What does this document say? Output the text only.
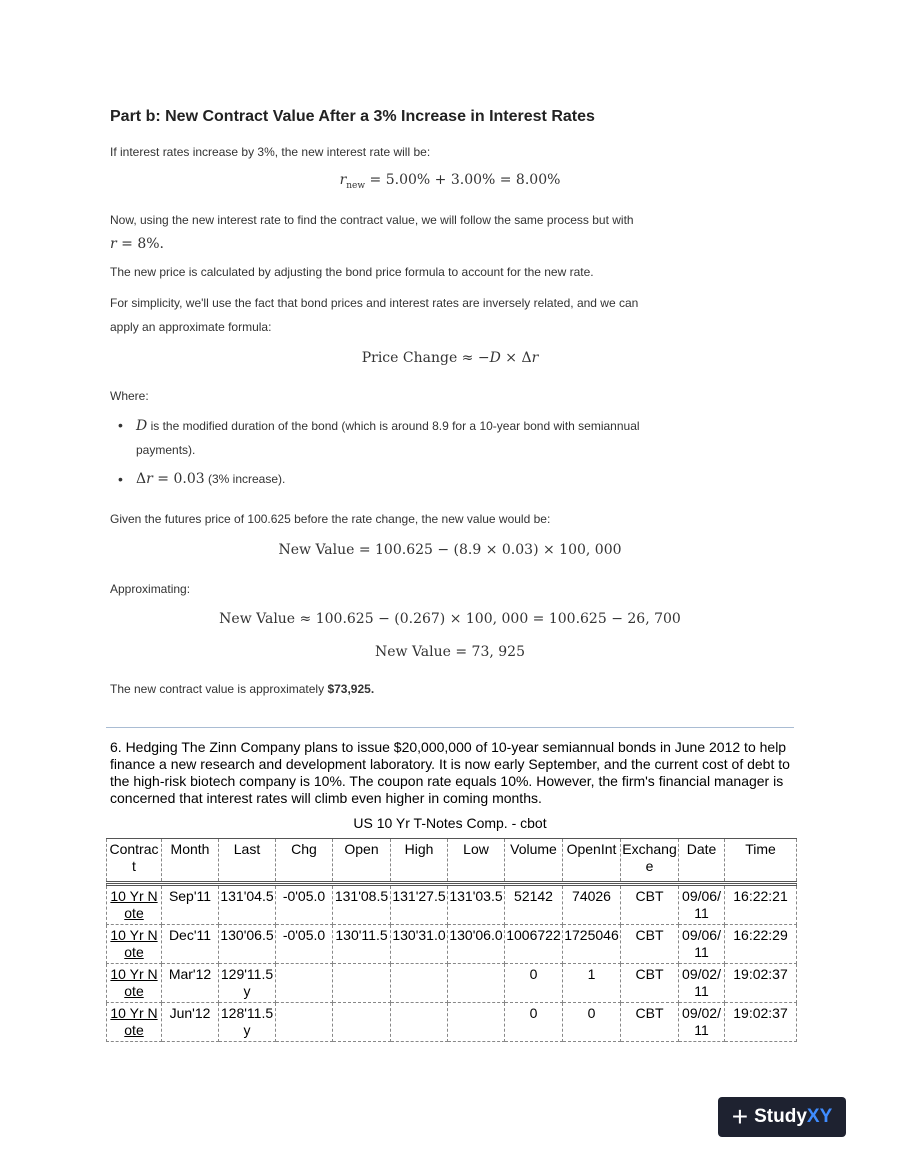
Part b: New Contract Value After a 3% Increase in Interest Rates
If interest rates increase by 3%, the new interest rate will be:
$r_{new} = 5.00\% + 3.00\% = 8.00\%$
Now, using the new interest rate to find the contract value, we will follow the same process but with
r = 8%.
The new price is calculated by adjusting the bond price formula to account for the new rate.
For simplicity, we'll use the fact that bond prices and interest rates are inversely related, and we can
apply an approximate formula:
Price Change ≈ −D × Δr
Where:
• D is the modified duration of the bond (which is around 8.9 for a 10-year bond with semiannual
payments).
• Δr = 0.03 (3% increase).
Given the futures price of 100.625 before the rate change, the new value would be:
New Value = 100.625 − (8.9 × 0.03) × 100, 000
Approximating:
New Value ≈ 100.625 − (0.267) × 100, 000 = 100.625 − 26, 700
New Value = 73, 925
The new contract value is approximately $73,925.
6. Hedging The Zinn Company plans to issue $20,000,000 of 10-year semiannual bonds in June 2012 to help finance a new research and development laboratory. It is now early September, and the current cost of debt to the high-risk biotech company is 10%. The coupon rate equals 10%. However, the firm's financial manager is concerned that interest rates will climb even higher in coming months.
US 10 Yr T-Notes Comp. - cbot
Contract	Month	Last	Chg	Open	High	Low	Volume	OpenInt	Exchange	Date	Time

10 Yr Note	Sep'11	131'04.5	-0'05.0	131'08.5	131'27.5	131'03.5	52142	74026	CBT	09/06/11	16:22:21
10 Yr Note	Dec'11	130'06.5	-0'05.0	130'11.5	130'31.0	130'06.0	1006722	1725046	CBT	09/06/11	16:22:29
10 Yr Note	Mar'12	129'11.5y					0	1	CBT	09/02/11	19:02:37
10 Yr Note	Jun'12	128'11.5y					0	0	CBT	09/02/11	19:02:37
+ StudyXY
